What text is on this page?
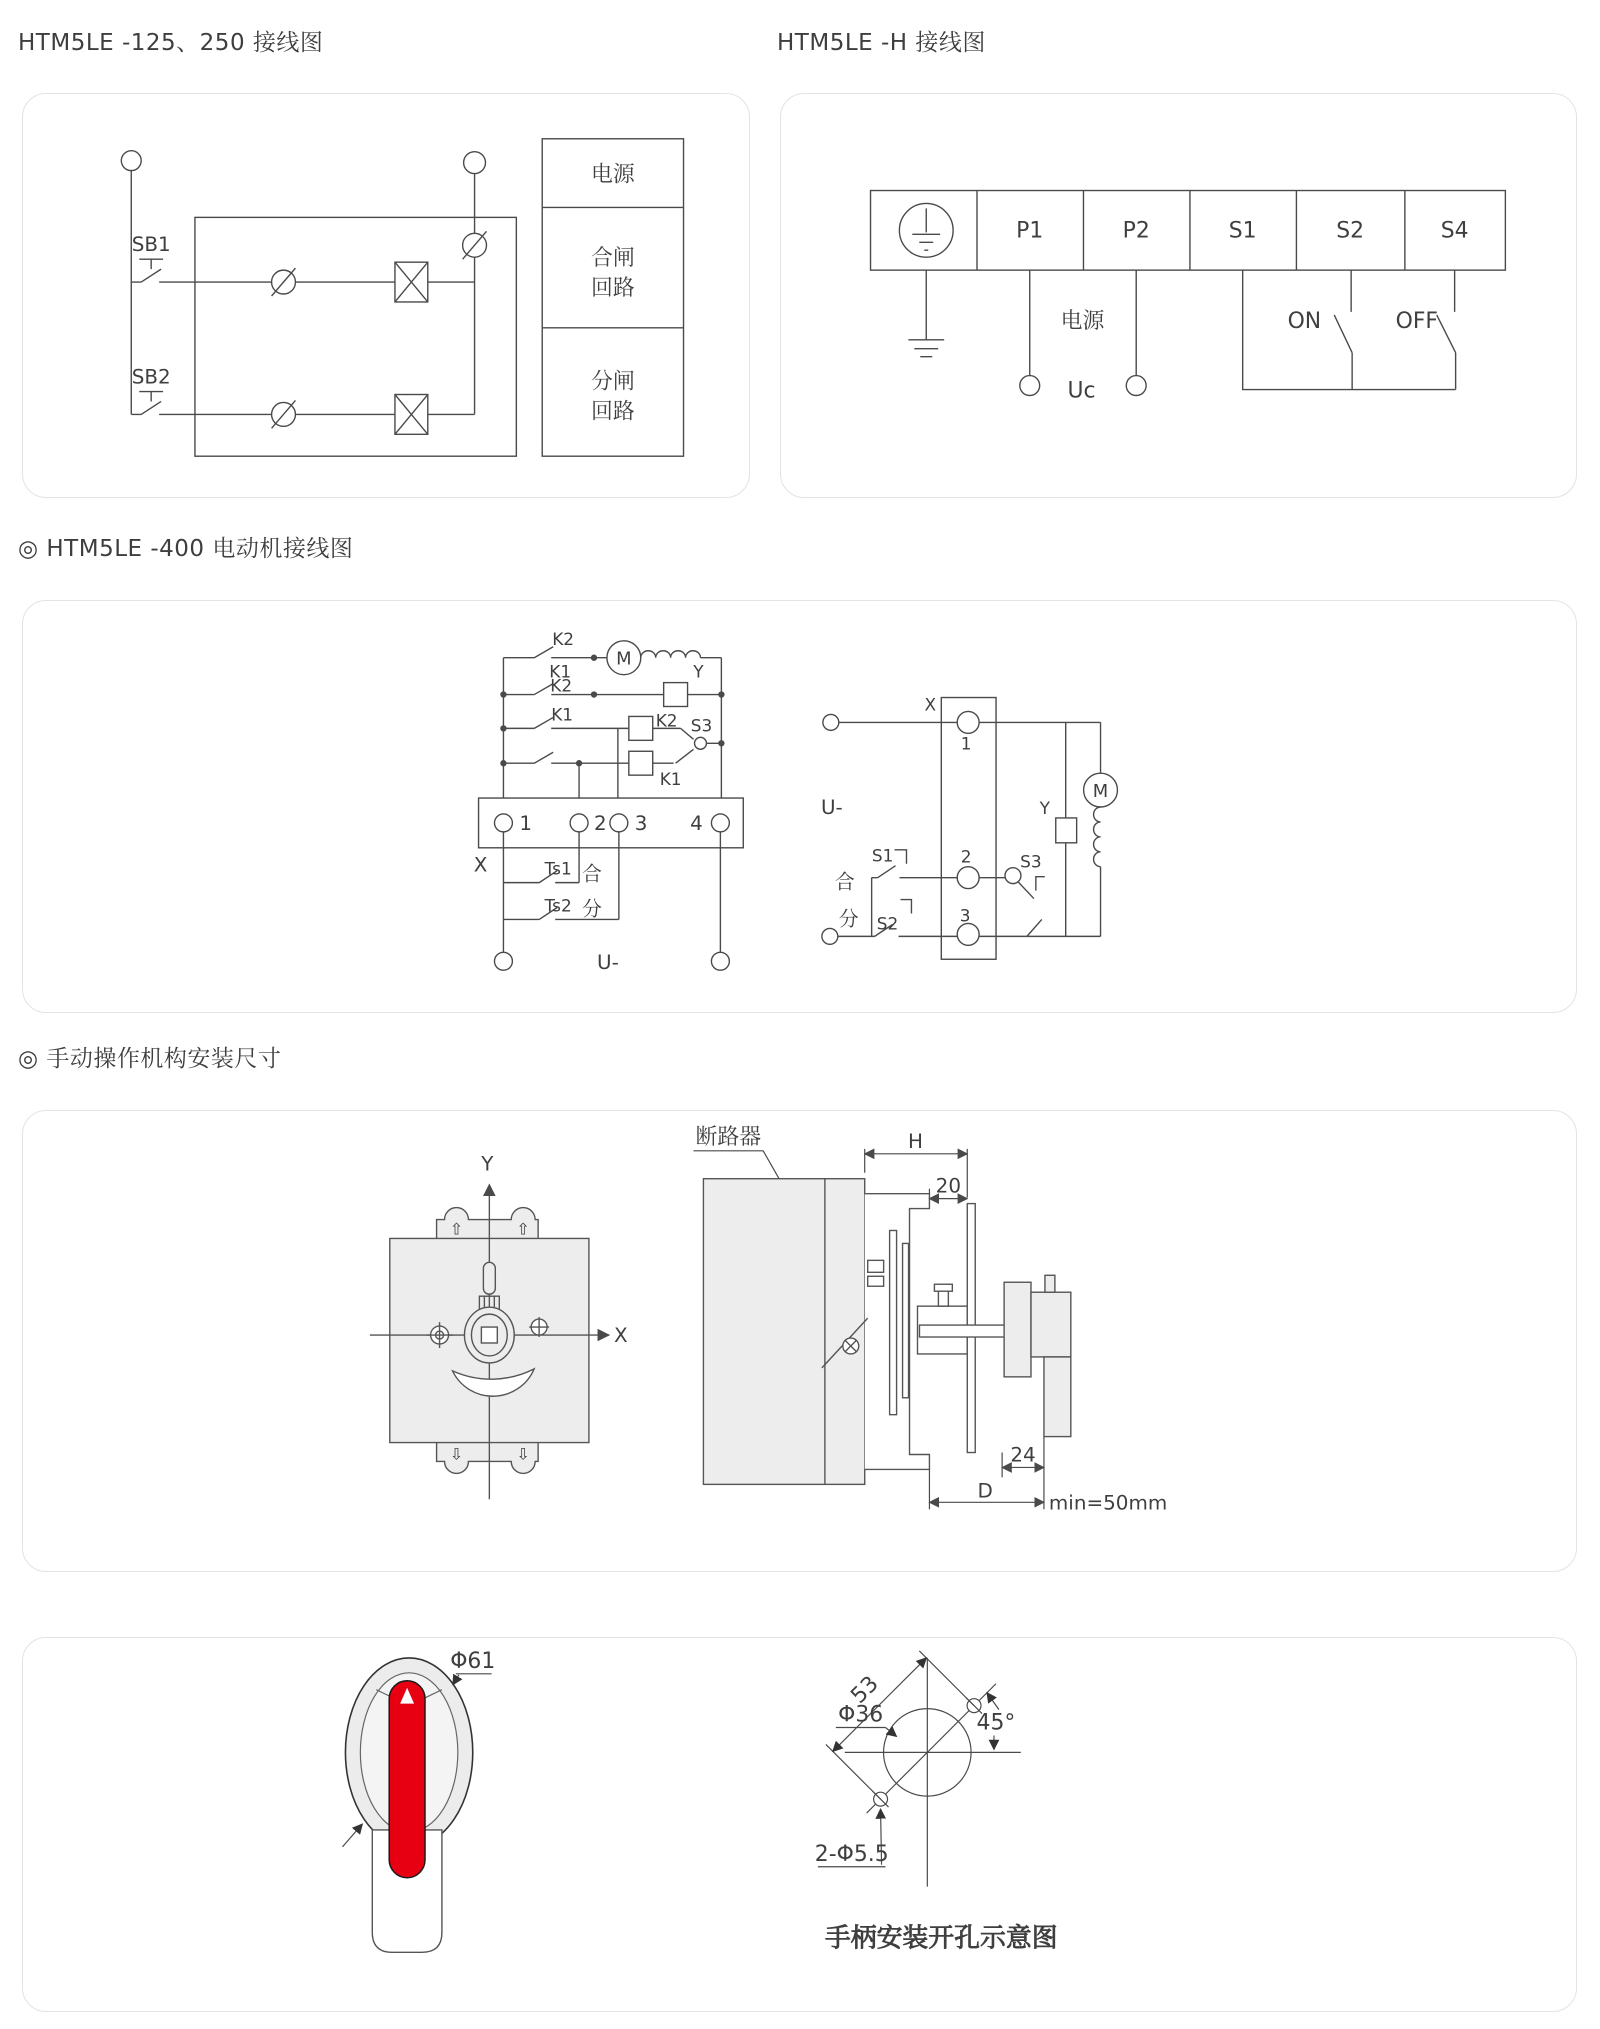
HTM5LE -125、250 接线图	HTM5LE -H 接线图
◎ HTM5LE -400 电动机接线图
◎ 手动操作机构安装尺寸
SB1
SB2
电源
合闸
回路
分闸
回路
P1	P2	S1	S2	S4
电源
Uc
ON	OFF
K2
K1
K2
K1
M
Y
K2 S3
K1
1	2 3 4
X	Ts1 合
Ts2 分
U-
X
1
2
3
U-
合
分
S1
S2
S3
Y
M
⇧	⇧
⇩	⇩
Y
X
断路器	H
20
24
D
min=50mm
Φ61
53
Φ36	45°
2-Φ5.5
手柄安装开孔示意图
